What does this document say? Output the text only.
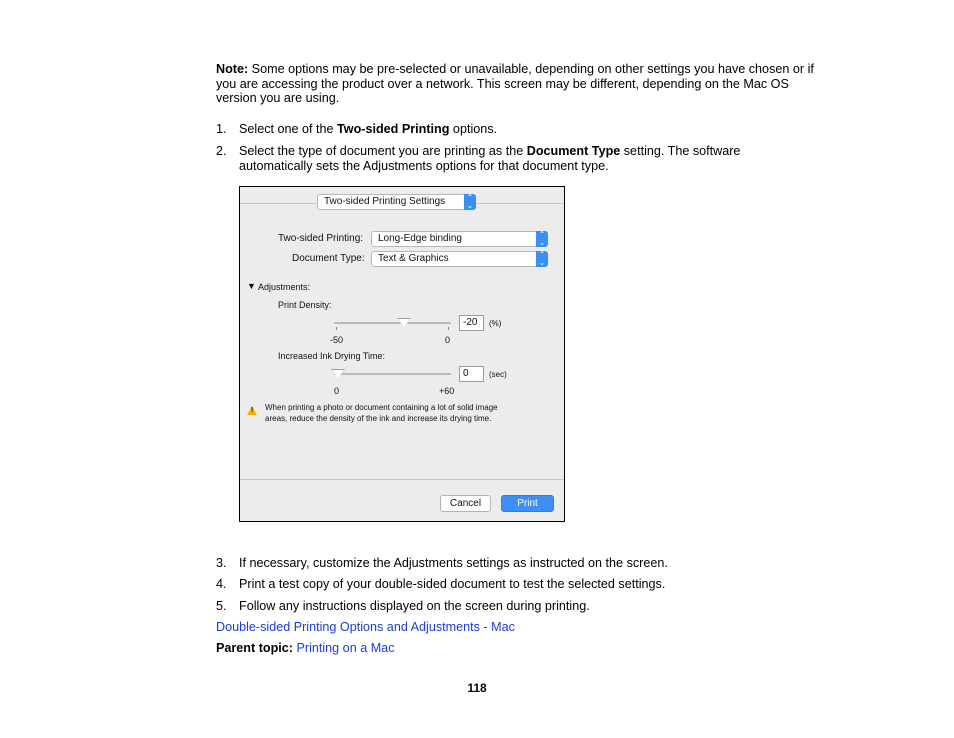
Note: Some options may be pre-selected or unavailable, depending on other settings you have chosen or if you are accessing the product over a network. This screen may be different, depending on the Mac OS version you are using.
1. Select one of the Two-sided Printing options.
2. Select the type of document you are printing as the Document Type setting. The software automatically sets the Adjustments options for that document type.
Two-sided Printing Settings	⌃
⌄
Two-sided Printing:	Long-Edge binding	⌃
⌄
Document Type:	Text & Graphics	⌃
⌄
▼ Adjustments:
Print Density:
-50	0
-20	(%)
Increased Ink Drying Time:
0	+60
0	(sec)
! When printing a photo or document containing a lot of solid image
areas, reduce the density of the ink and increase its drying time.
Cancel	Print
3. If necessary, customize the Adjustments settings as instructed on the screen.
4. Print a test copy of your double-sided document to test the selected settings.
5. Follow any instructions displayed on the screen during printing.
Double-sided Printing Options and Adjustments - Mac
Parent topic: Printing on a Mac
118
